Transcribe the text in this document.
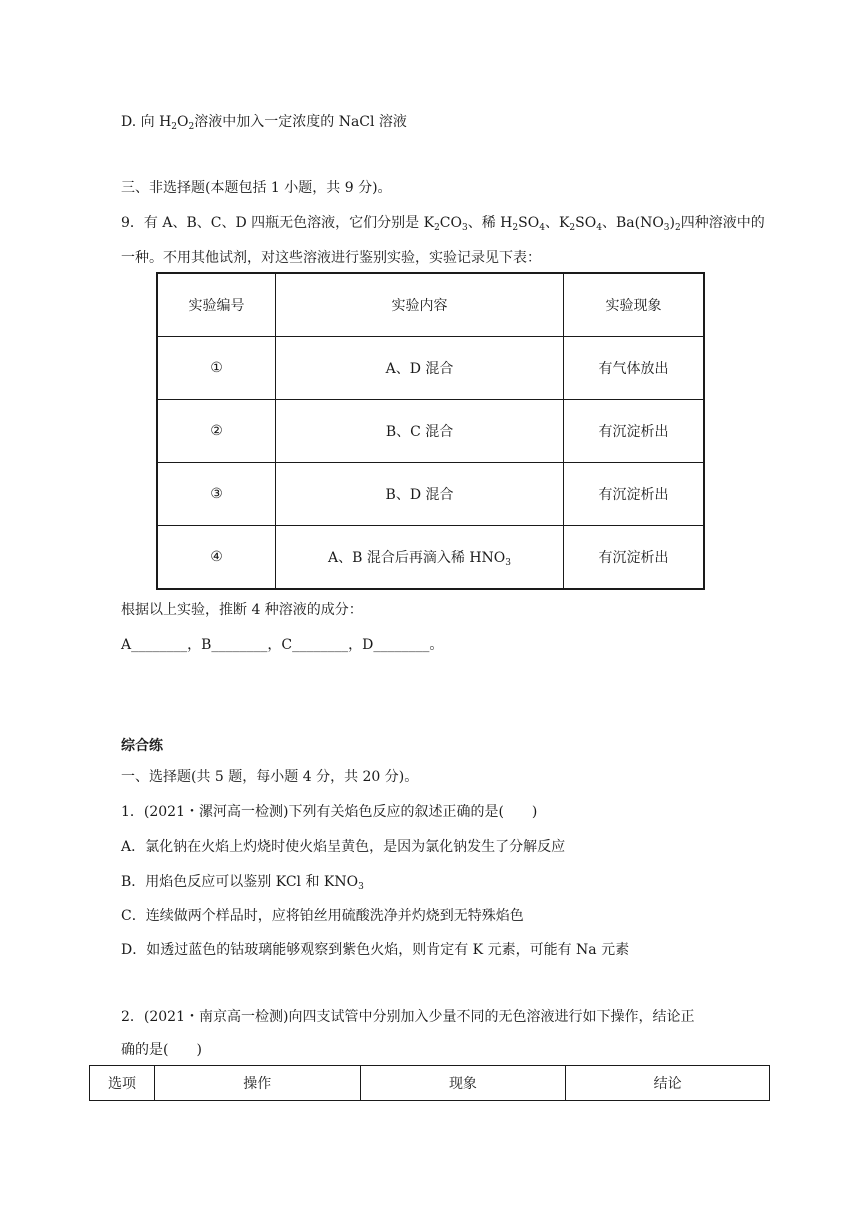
D. 向 $H_2O_2$溶液中加入一定浓度的 NaCl 溶液
三、非选择题(本题包括 1 小题，共 9 分)。
9．有 A、B、C、D 四瓶无色溶液，它们分别是 $K_2CO_3$、稀 $H_2SO_4$、$K_2SO_4$、$Ba(NO_3)_2$四种溶液中的
一种。不用其他试剂，对这些溶液进行鉴别实验，实验记录见下表：
实验编号	实验内容	实验现象
①	A、D 混合	有气体放出
②	B、C 混合	有沉淀析出
③	B、D 混合	有沉淀析出
④	A、B 混合后再滴入稀 $HNO_3$	有沉淀析出
根据以上实验，推断 4 种溶液的成分：
A________，B________，C________，D________。
综合练
一、选择题(共 5 题，每小题 4 分，共 20 分)。
1．(2021・漯河高一检测)下列有关焰色反应的叙述正确的是(　　)
A．氯化钠在火焰上灼烧时使火焰呈黄色，是因为氯化钠发生了分解反应
B．用焰色反应可以鉴别 KCl 和 $KNO_3$
C．连续做两个样品时，应将铂丝用硫酸洗净并灼烧到无特殊焰色
D．如透过蓝色的钴玻璃能够观察到紫色火焰，则肯定有 K 元素，可能有 Na 元素
2．(2021・南京高一检测)向四支试管中分别加入少量不同的无色溶液进行如下操作，结论正
确的是(　　)
选项	操作	现象	结论
